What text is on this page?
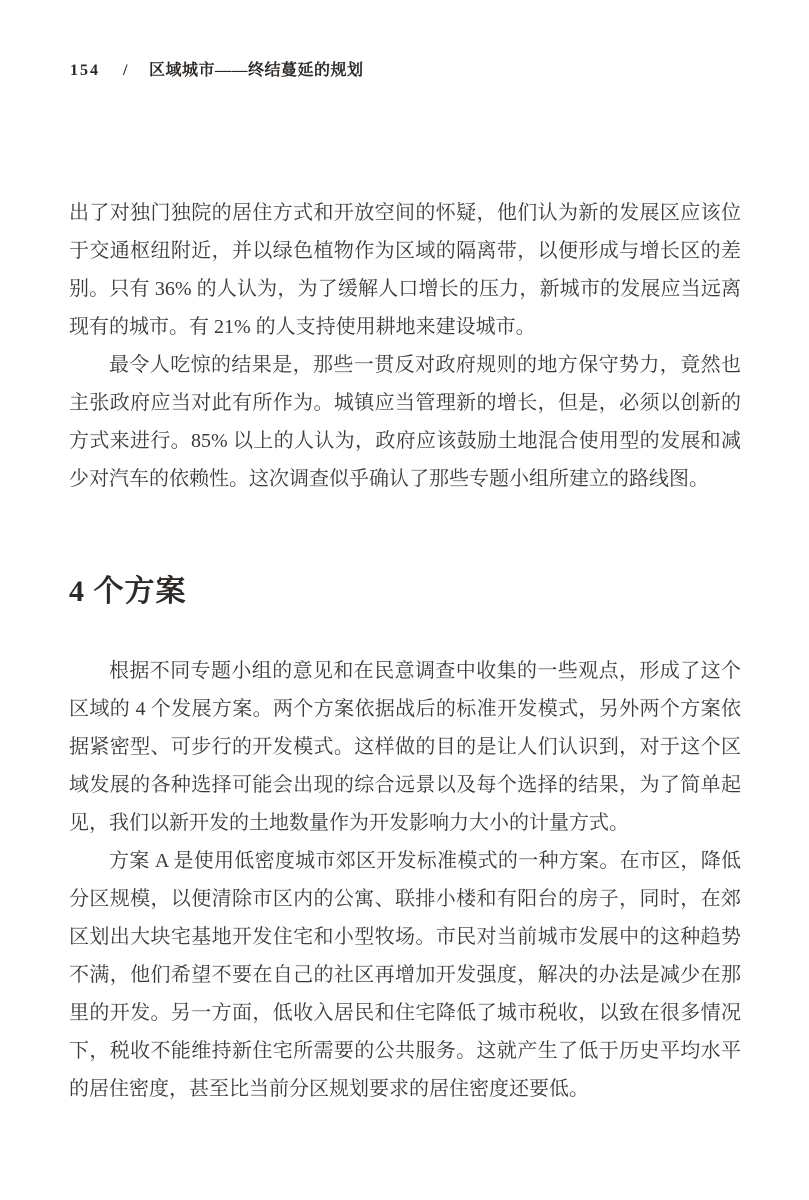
154 / 区域城市——终结蔓延的规划

出了对独门独院的居住方式和开放空间的怀疑，他们认为新的发展区应该位于交通枢纽附近，并以绿色植物作为区域的隔离带，以便形成与增长区的差别。只有 36% 的人认为，为了缓解人口增长的压力，新城市的发展应当远离现有的城市。有 21% 的人支持使用耕地来建设城市。

最令人吃惊的结果是，那些一贯反对政府规则的地方保守势力，竟然也主张政府应当对此有所作为。城镇应当管理新的增长，但是，必须以创新的方式来进行。85% 以上的人认为，政府应该鼓励土地混合使用型的发展和减少对汽车的依赖性。这次调查似乎确认了那些专题小组所建立的路线图。

4 个方案

根据不同专题小组的意见和在民意调查中收集的一些观点，形成了这个区域的 4 个发展方案。两个方案依据战后的标准开发模式，另外两个方案依据紧密型、可步行的开发模式。这样做的目的是让人们认识到，对于这个区域发展的各种选择可能会出现的综合远景以及每个选择的结果，为了简单起见，我们以新开发的土地数量作为开发影响力大小的计量方式。

方案 A 是使用低密度城市郊区开发标准模式的一种方案。在市区，降低分区规模，以便清除市区内的公寓、联排小楼和有阳台的房子，同时，在郊区划出大块宅基地开发住宅和小型牧场。市民对当前城市发展中的这种趋势不满，他们希望不要在自己的社区再增加开发强度，解决的办法是减少在那里的开发。另一方面，低收入居民和住宅降低了城市税收，以致在很多情况下，税收不能维持新住宅所需要的公共服务。这就产生了低于历史平均水平的居住密度，甚至比当前分区规划要求的居住密度还要低。
